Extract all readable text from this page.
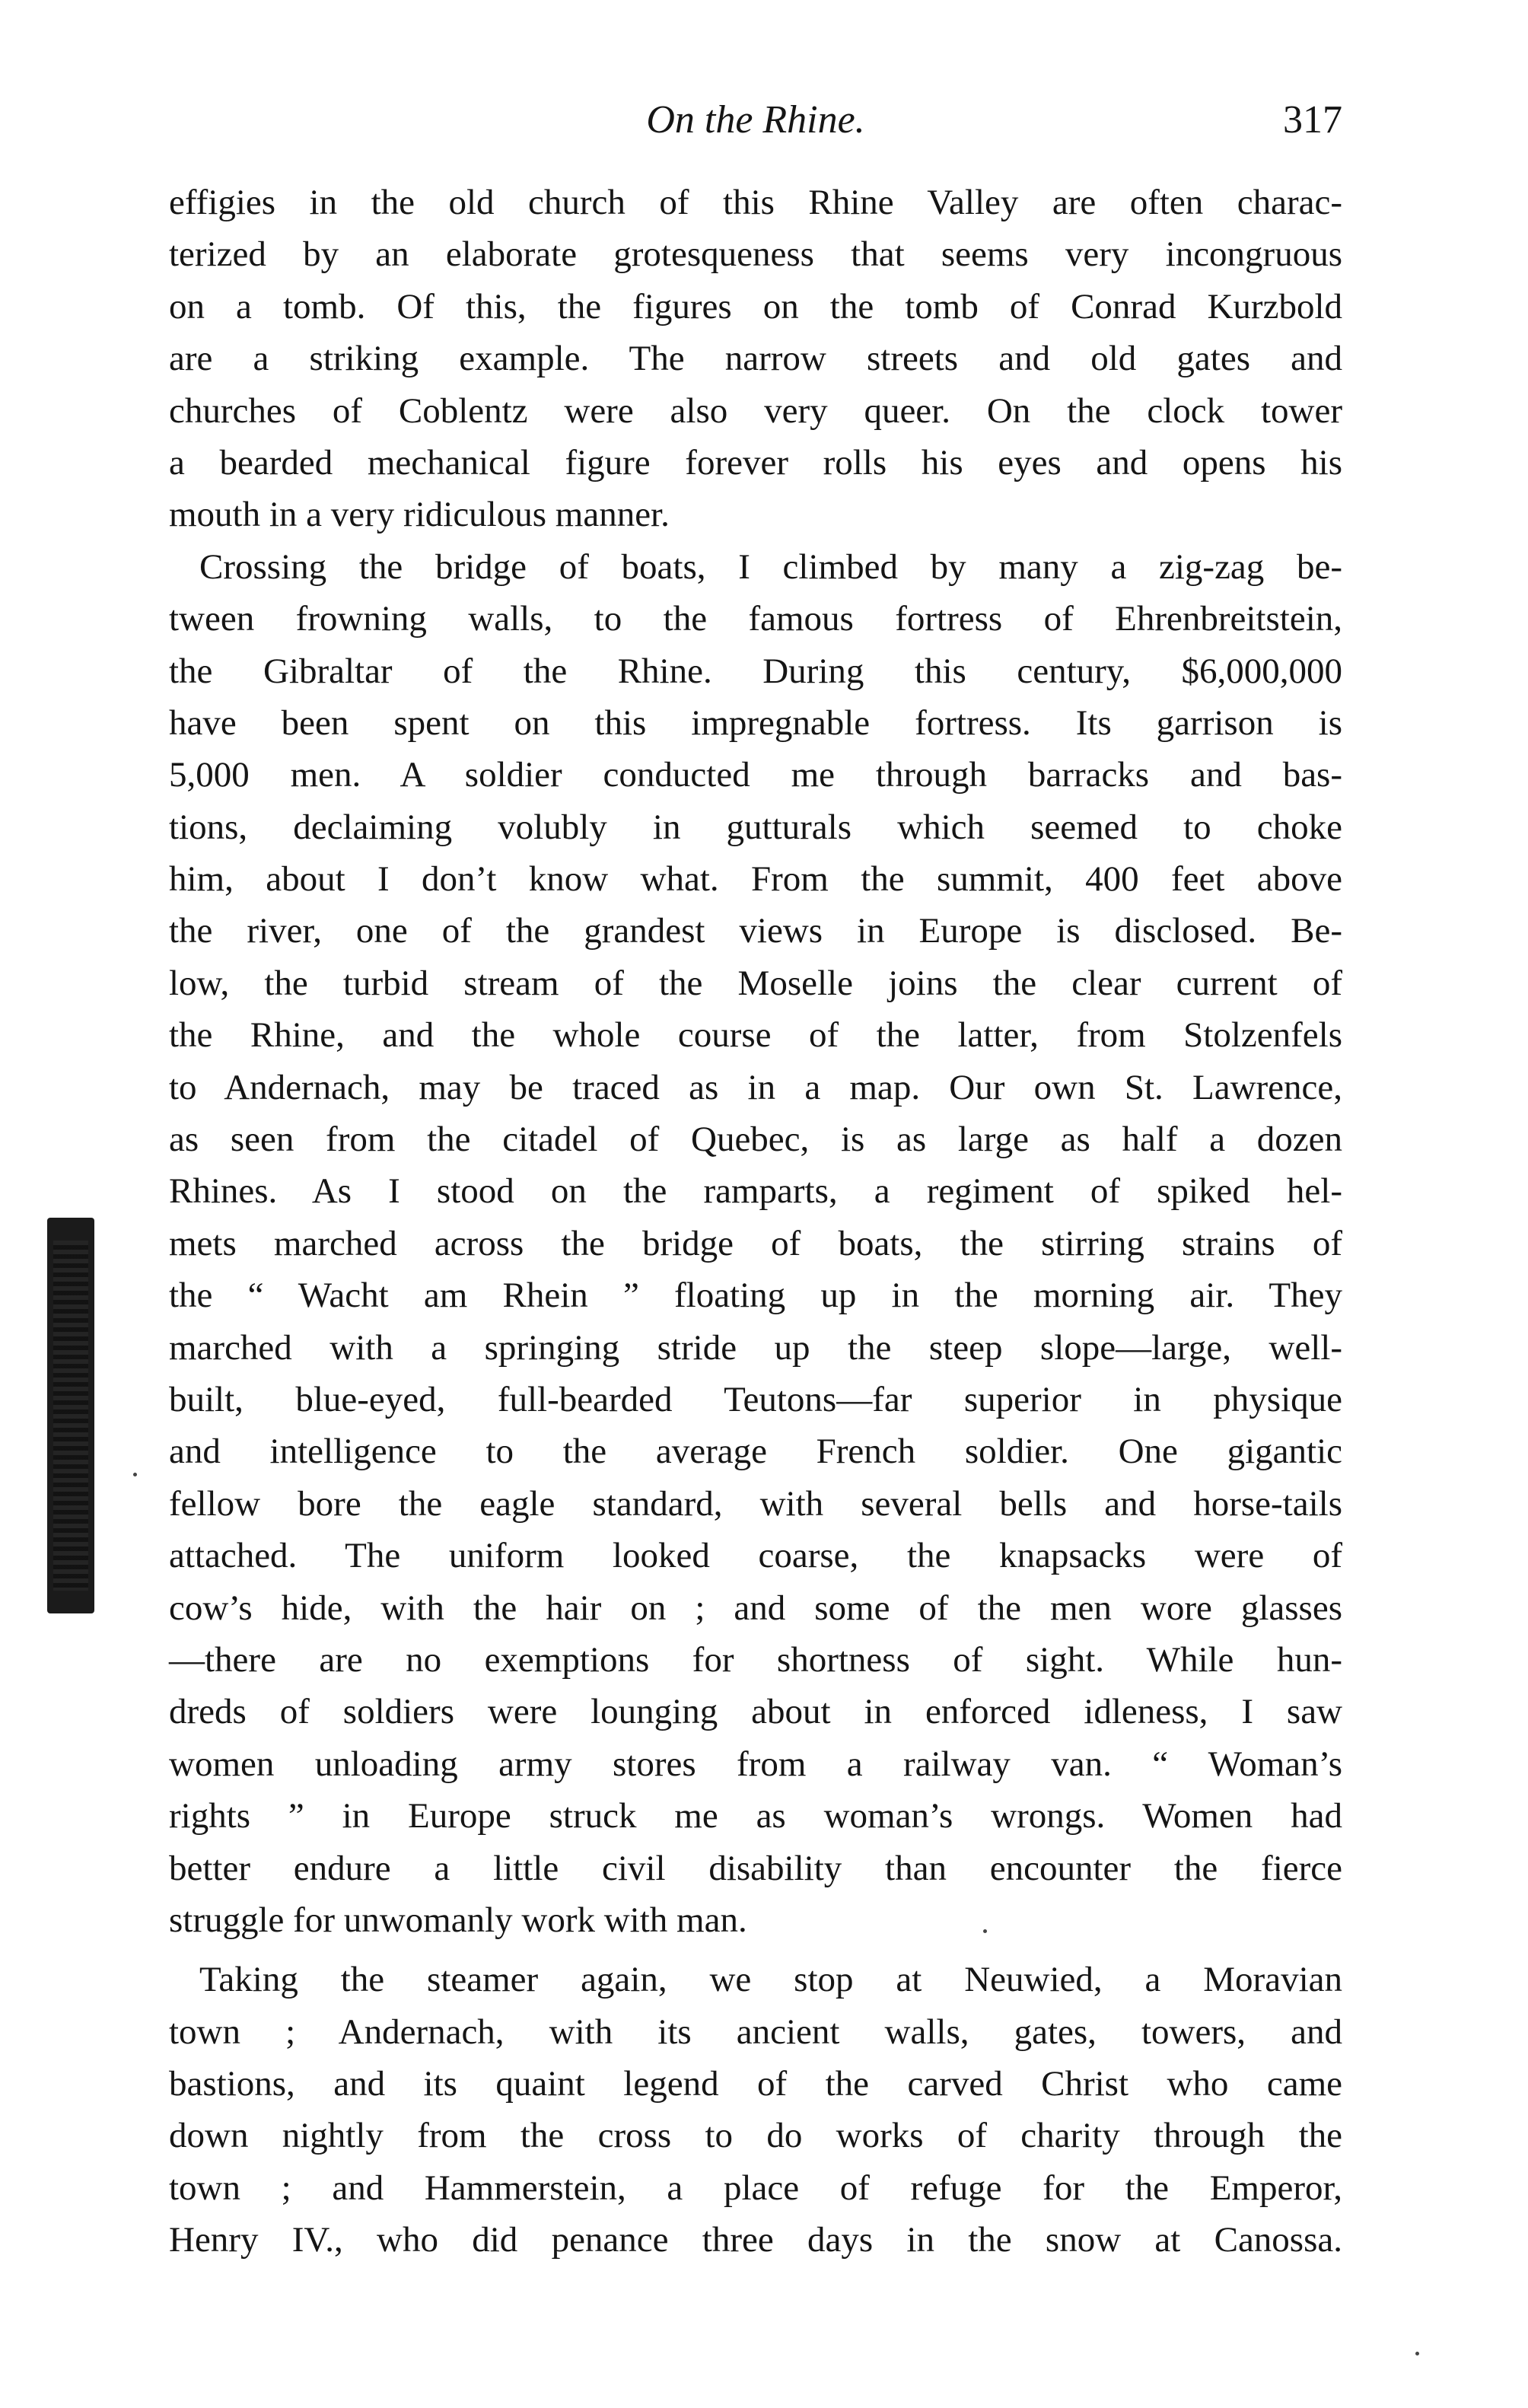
On the Rhine.	317
effigies in the old church of this Rhine Valley are often charac-
terized by an elaborate grotesqueness that seems very incongruous
on a tomb. Of this, the figures on the tomb of Conrad Kurzbold
are a striking example. The narrow streets and old gates and
churches of Coblentz were also very queer. On the clock tower
a bearded mechanical figure forever rolls his eyes and opens his
mouth in a very ridiculous manner.
Crossing the bridge of boats, I climbed by many a zig-zag be-
tween frowning walls, to the famous fortress of Ehrenbreitstein,
the Gibraltar of the Rhine. During this century, $6,000,000
have been spent on this impregnable fortress. Its garrison is
5,000 men. A soldier conducted me through barracks and bas-
tions, declaiming volubly in gutturals which seemed to choke
him, about I don’t know what. From the summit, 400 feet above
the river, one of the grandest views in Europe is disclosed. Be-
low, the turbid stream of the Moselle joins the clear current of
the Rhine, and the whole course of the latter, from Stolzenfels
to Andernach, may be traced as in a map. Our own St. Lawrence,
as seen from the citadel of Quebec, is as large as half a dozen
Rhines. As I stood on the ramparts, a regiment of spiked hel-
mets marched across the bridge of boats, the stirring strains of
the “ Wacht am Rhein ” floating up in the morning air. They
marched with a springing stride up the steep slope—large, well-
built, blue-eyed, full-bearded Teutons—far superior in physique
and intelligence to the average French soldier. One gigantic
fellow bore the eagle standard, with several bells and horse-tails
attached. The uniform looked coarse, the knapsacks were of
cow’s hide, with the hair on ; and some of the men wore glasses
—there are no exemptions for shortness of sight. While hun-
dreds of soldiers were lounging about in enforced idleness, I saw
women unloading army stores from a railway van. “ Woman’s
rights ” in Europe struck me as woman’s wrongs. Women had
better endure a little civil disability than encounter the fierce
struggle for unwomanly work with man.
Taking the steamer again, we stop at Neuwied, a Moravian
town ; Andernach, with its ancient walls, gates, towers, and
bastions, and its quaint legend of the carved Christ who came
down nightly from the cross to do works of charity through the
town ; and Hammerstein, a place of refuge for the Emperor,
Henry IV., who did penance three days in the snow at Canossa.
